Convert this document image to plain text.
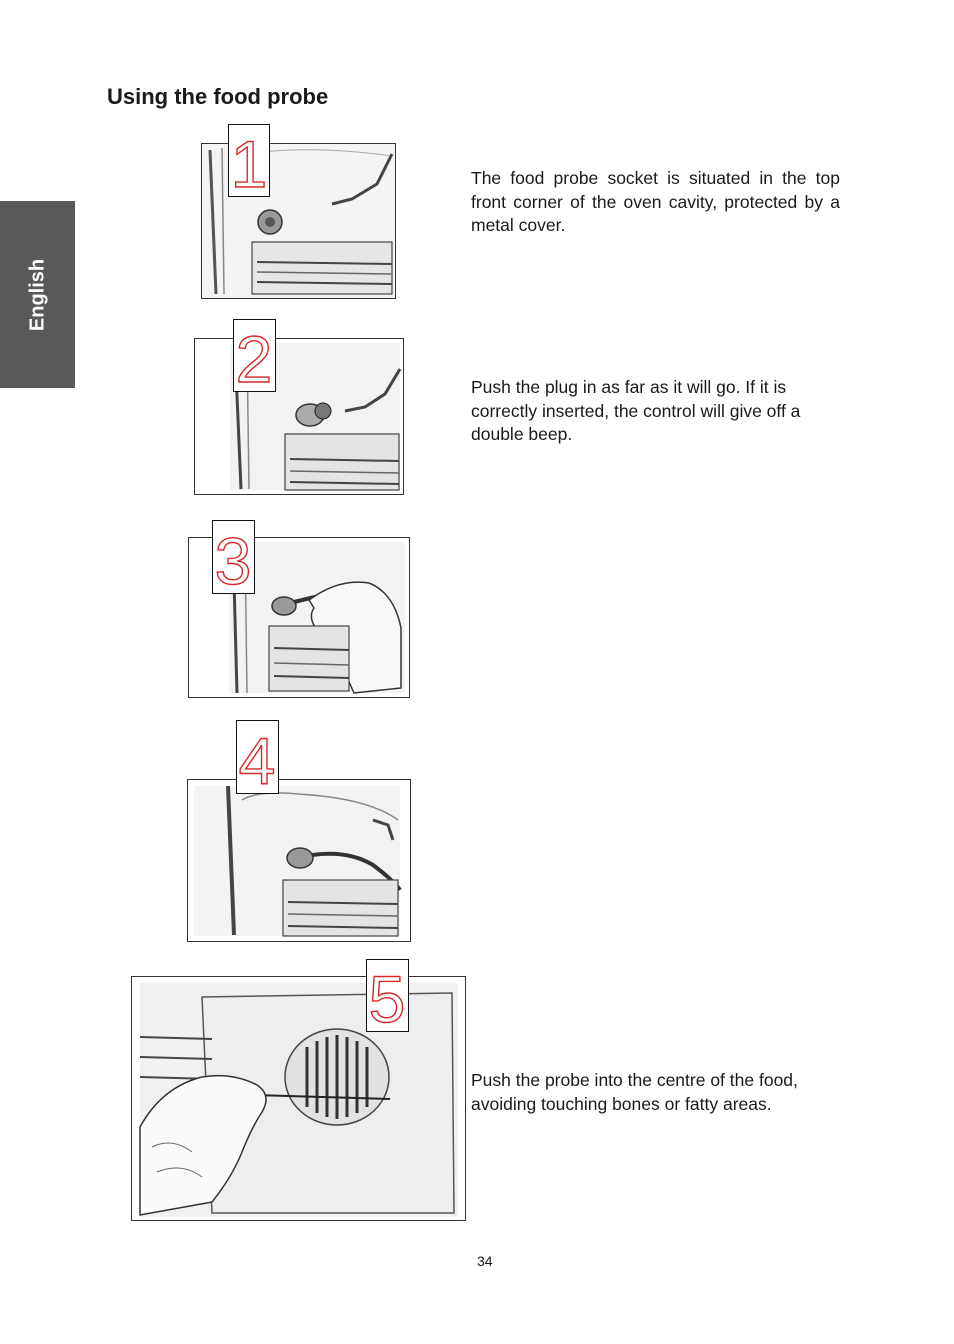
English
Using the food probe
1	The food probe socket is situated in the top front corner of the oven cavity, protected by a metal cover.

2	Push the plug in as far as it will go. If it is correctly inserted, the control will give off a double beep.

3
4
5

Push the probe into the centre of the food, avoiding touching bones or fatty areas.

34
